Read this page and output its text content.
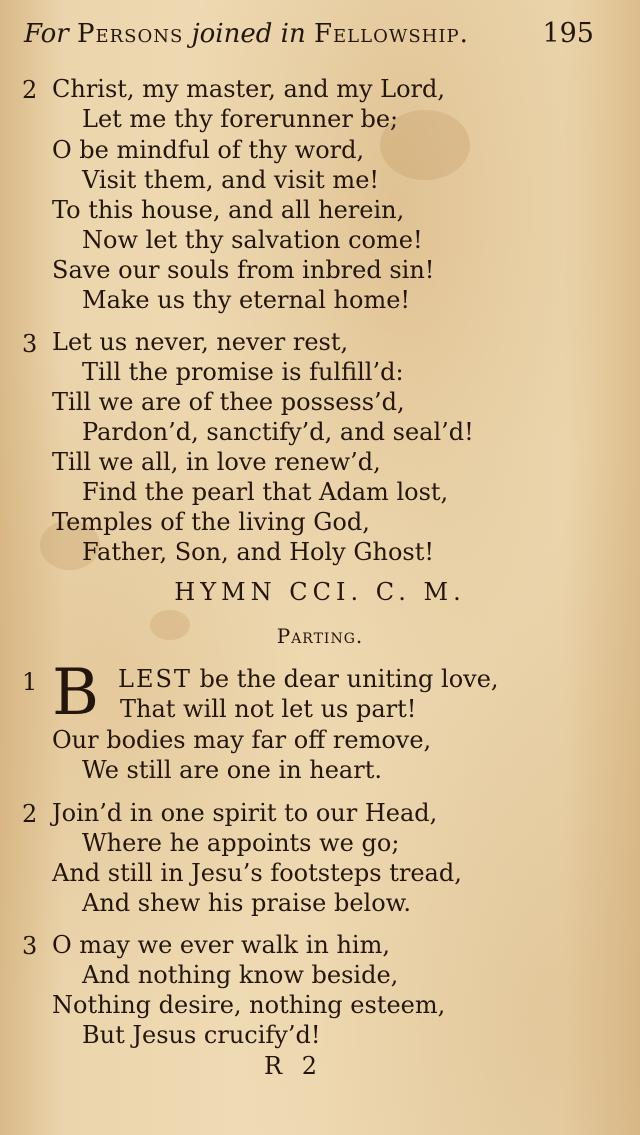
For Persons joined in Fellowship.	195
2 Christ, my master, and my Lord,
Let me thy forerunner be;
O be mindful of thy word,
Visit them, and visit me!
To this house, and all herein,
Now let thy salvation come!
Save our souls from inbred sin!
Make us thy eternal home!
3 Let us never, never rest,
Till the promise is fulfill’d:
Till we are of thee possess’d,
Pardon’d, sanctify’d, and seal’d!
Till we all, in love renew’d,
Find the pearl that Adam lost,
Temples of the living God,
Father, Son, and Holy Ghost!
HYMN CCI. C. M.
Parting.
1 B LEST be the dear uniting love,
That will not let us part!
Our bodies may far off remove,
We still are one in heart.
2 Join’d in one spirit to our Head,
Where he appoints we go;
And still in Jesu’s footsteps tread,
And shew his praise below.
3 O may we ever walk in him,
And nothing know beside,
Nothing desire, nothing esteem,
But Jesus crucify’d!
R 2
